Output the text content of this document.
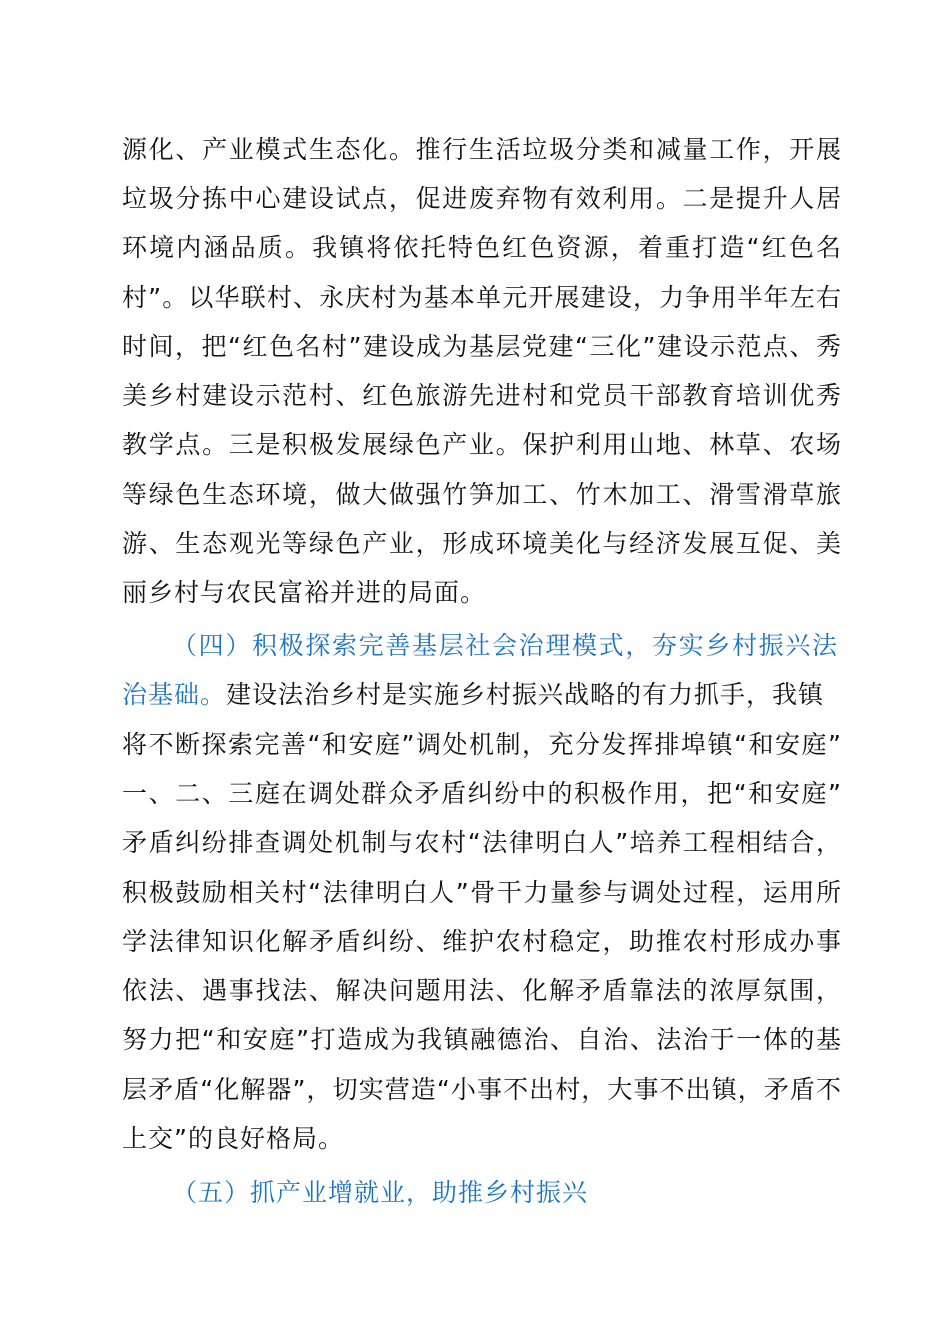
源化、产业模式生态化。推行生活垃圾分类和减量工作，开展
垃圾分拣中心建设试点，促进废弃物有效利用。二是提升人居
环境内涵品质。我镇将依托特色红色资源，着重打造“红色名
村”。以华联村、永庆村为基本单元开展建设，力争用半年左右
时间，把“红色名村”建设成为基层党建“三化”建设示范点、秀
美乡村建设示范村、红色旅游先进村和党员干部教育培训优秀
教学点。三是积极发展绿色产业。保护利用山地、林草、农场
等绿色生态环境，做大做强竹笋加工、竹木加工、滑雪滑草旅
游、生态观光等绿色产业，形成环境美化与经济发展互促、美
丽乡村与农民富裕并进的局面。
（四）积极探索完善基层社会治理模式，夯实乡村振兴法
治基础。建设法治乡村是实施乡村振兴战略的有力抓手，我镇
将不断探索完善“和安庭”调处机制，充分发挥排埠镇“和安庭”
一、二、三庭在调处群众矛盾纠纷中的积极作用，把“和安庭”
矛盾纠纷排查调处机制与农村“法律明白人”培养工程相结合，
积极鼓励相关村“法律明白人”骨干力量参与调处过程，运用所
学法律知识化解矛盾纠纷、维护农村稳定，助推农村形成办事
依法、遇事找法、解决问题用法、化解矛盾靠法的浓厚氛围，
努力把“和安庭”打造成为我镇融德治、自治、法治于一体的基
层矛盾“化解器”，切实营造“小事不出村，大事不出镇，矛盾不
上交”的良好格局。
（五）抓产业增就业，助推乡村振兴
